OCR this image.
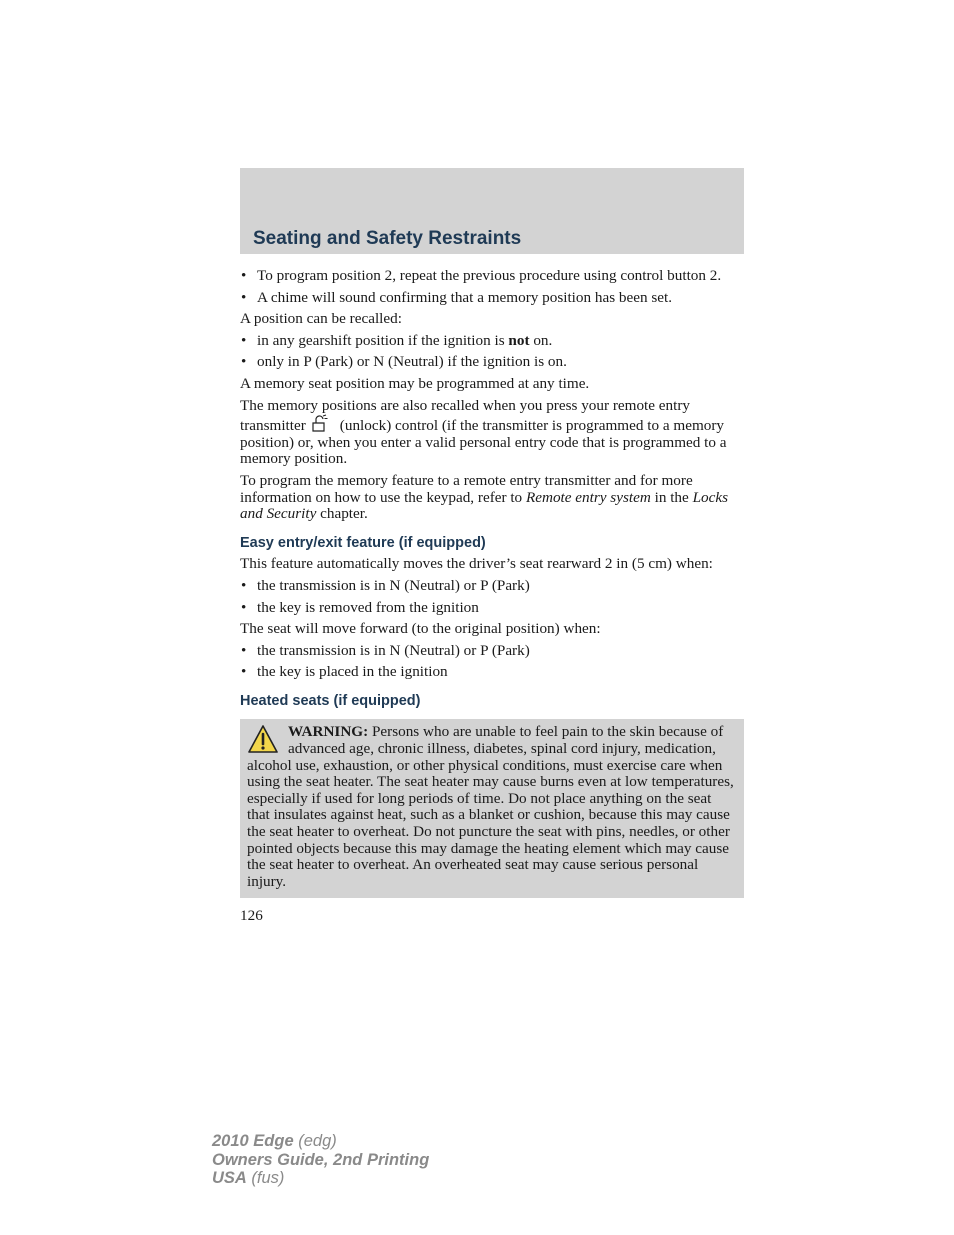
Seating and Safety Restraints
• To program position 2, repeat the previous procedure using control button 2.
• A chime will sound confirming that a memory position has been set.
A position can be recalled:
• in any gearshift position if the ignition is not on.
• only in P (Park) or N (Neutral) if the ignition is on.
A memory seat position may be programmed at any time.
The memory positions are also recalled when you press your remote entry transmitter (unlock) control (if the transmitter is programmed to a memory position) or, when you enter a valid personal entry code that is programmed to a memory position.
To program the memory feature to a remote entry transmitter and for more information on how to use the keypad, refer to Remote entry system in the Locks and Security chapter.
Easy entry/exit feature (if equipped)
This feature automatically moves the driver’s seat rearward 2 in (5 cm) when:
• the transmission is in N (Neutral) or P (Park)
• the key is removed from the ignition
The seat will move forward (to the original position) when:
• the transmission is in N (Neutral) or P (Park)
• the key is placed in the ignition
Heated seats (if equipped)
WARNING: Persons who are unable to feel pain to the skin because of advanced age, chronic illness, diabetes, spinal cord injury, medication, alcohol use, exhaustion, or other physical conditions, must exercise care when using the seat heater. The seat heater may cause burns even at low temperatures, especially if used for long periods of time. Do not place anything on the seat that insulates against heat, such as a blanket or cushion, because this may cause the seat heater to overheat. Do not puncture the seat with pins, needles, or other pointed objects because this may damage the heating element which may cause the seat heater to overheat. An overheated seat may cause serious personal injury.
126
2010 Edge (edg)
Owners Guide, 2nd Printing
USA (fus)
